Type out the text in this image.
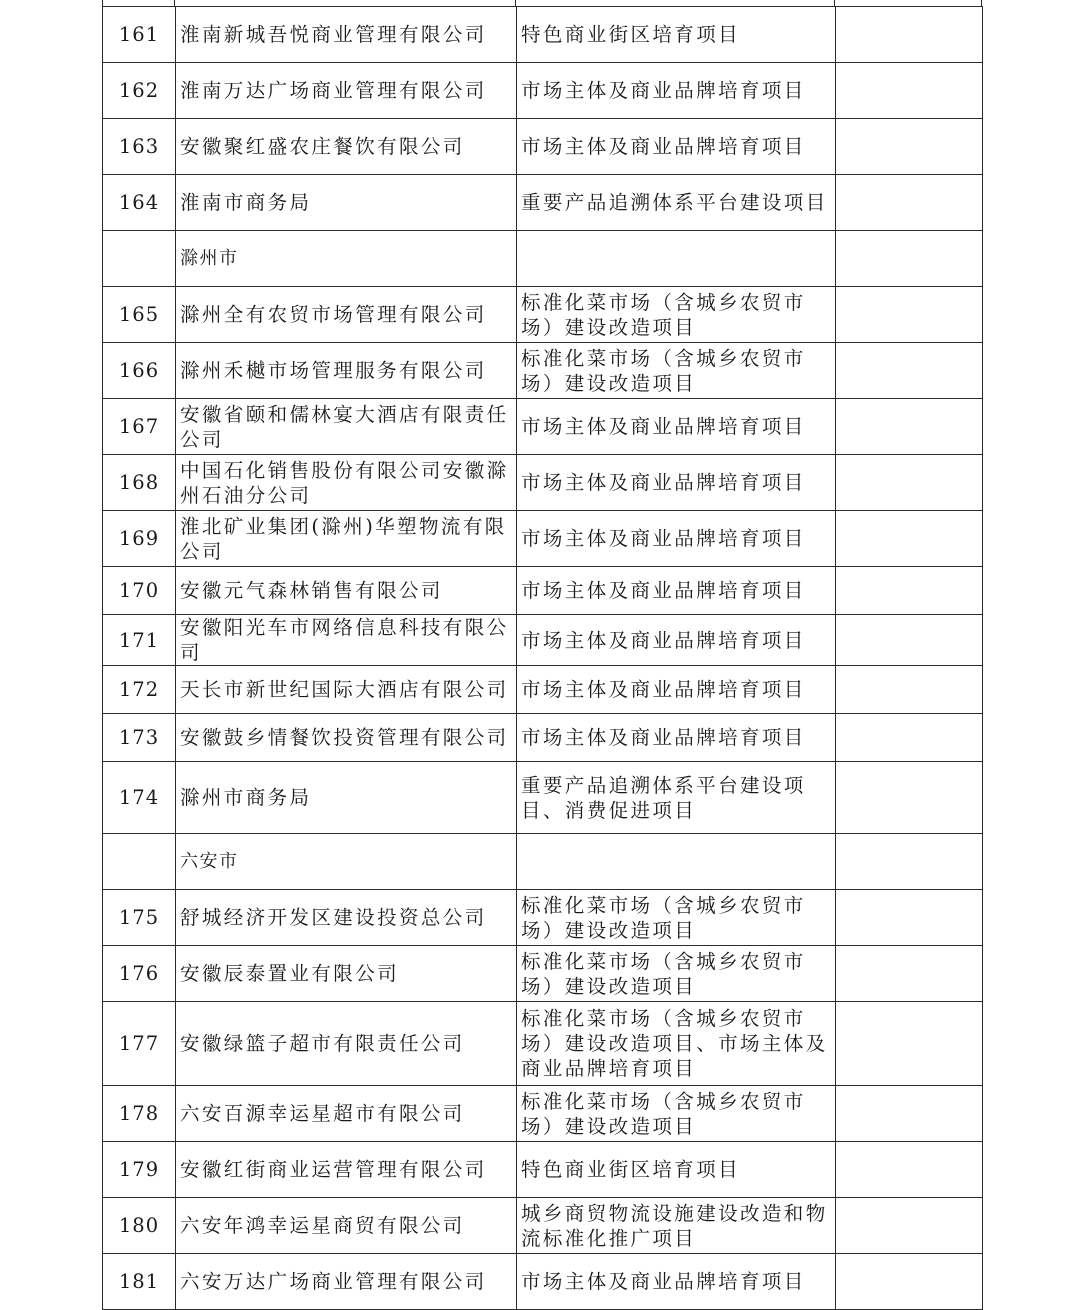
161	淮南新城吾悦商业管理有限公司	特色商业街区培育项目	
162	淮南万达广场商业管理有限公司	市场主体及商业品牌培育项目	
163	安徽聚红盛农庄餐饮有限公司	市场主体及商业品牌培育项目	
164	淮南市商务局	重要产品追溯体系平台建设项目	
	滁州市		
165	滁州全有农贸市场管理有限公司	标准化菜市场（含城乡农贸市场）建设改造项目	
166	滁州禾樾市场管理服务有限公司	标准化菜市场（含城乡农贸市场）建设改造项目	
167	安徽省颐和儒林宴大酒店有限责任公司	市场主体及商业品牌培育项目	
168	中国石化销售股份有限公司安徽滁州石油分公司	市场主体及商业品牌培育项目	
169	淮北矿业集团(滁州)华塑物流有限公司	市场主体及商业品牌培育项目	
170	安徽元气森林销售有限公司	市场主体及商业品牌培育项目	
171	安徽阳光车市网络信息科技有限公司	市场主体及商业品牌培育项目	
172	天长市新世纪国际大酒店有限公司	市场主体及商业品牌培育项目	
173	安徽鼓乡情餐饮投资管理有限公司	市场主体及商业品牌培育项目	
174	滁州市商务局	重要产品追溯体系平台建设项目、消费促进项目	
	六安市		
175	舒城经济开发区建设投资总公司	标准化菜市场（含城乡农贸市场）建设改造项目	
176	安徽辰泰置业有限公司	标准化菜市场（含城乡农贸市场）建设改造项目	
177	安徽绿篮子超市有限责任公司	标准化菜市场（含城乡农贸市场）建设改造项目、市场主体及商业品牌培育项目	
178	六安百源幸运星超市有限公司	标准化菜市场（含城乡农贸市场）建设改造项目	
179	安徽红街商业运营管理有限公司	特色商业街区培育项目	
180	六安年鸿幸运星商贸有限公司	城乡商贸物流设施建设改造和物流标准化推广项目	
181	六安万达广场商业管理有限公司	市场主体及商业品牌培育项目	
